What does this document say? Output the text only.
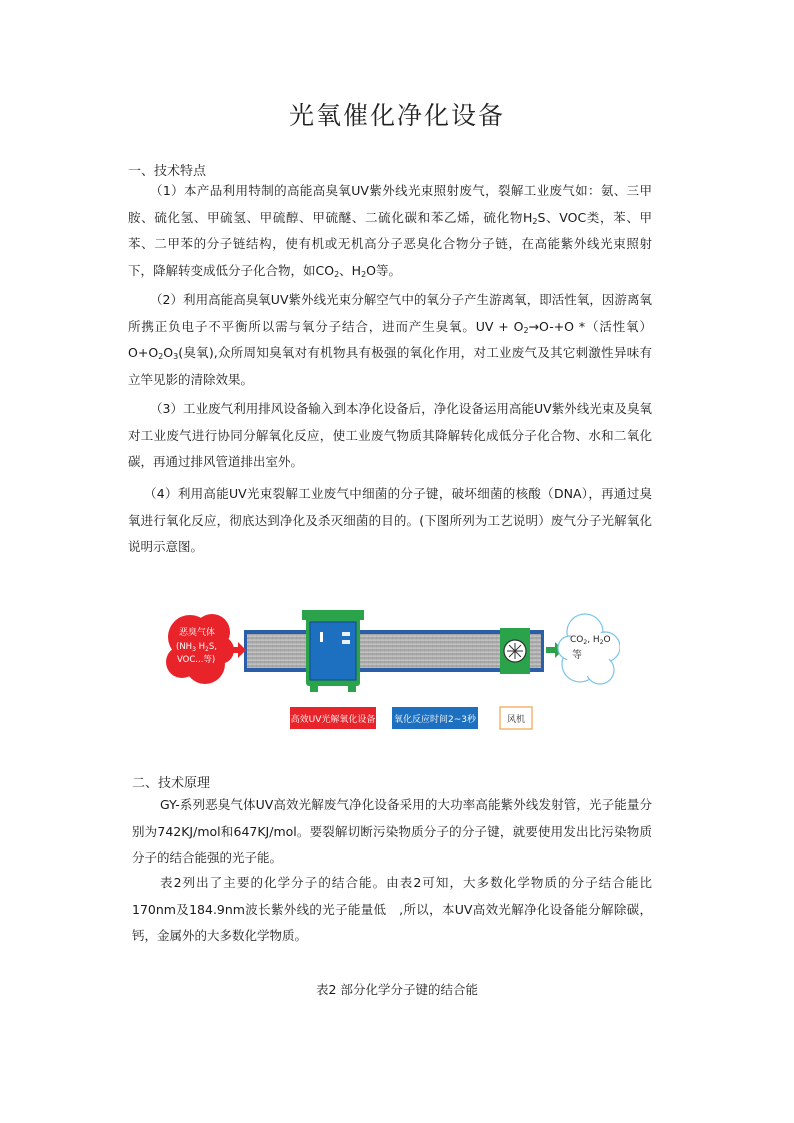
光氧催化净化设备
一、技术特点
（1）本产品利用特制的高能高臭氧UV紫外线光束照射废气，裂解工业废气如：氨、三甲胺、硫化氢、甲硫氢、甲硫醇、甲硫醚、二硫化碳和苯乙烯，硫化物$H_2S$、VOC类，苯、甲苯、二甲苯的分子链结构，使有机或无机高分子恶臭化合物分子链，在高能紫外线光束照射下，降解转变成低分子化合物，如$CO_2$、$H_2O$等。
（2）利用高能高臭氧UV紫外线光束分解空气中的氧分子产生游离氧，即活性氧，因游离氧所携正负电子不平衡所以需与氧分子结合，进而产生臭氧。UV + $O_2\to O-+O$ *（活性氧）$O+O_2O_3$(臭氧),众所周知臭氧对有机物具有极强的氧化作用，对工业废气及其它刺激性异味有立竿见影的清除效果。
（3）工业废气利用排风设备输入到本净化设备后，净化设备运用高能UV紫外线光束及臭氧对工业废气进行协同分解氧化反应，使工业废气物质其降解转化成低分子化合物、水和二氧化碳，再通过排风管道排出室外。
（4）利用高能UV光束裂解工业废气中细菌的分子键，破坏细菌的核酸（DNA），再通过臭氧进行氧化反应，彻底达到净化及杀灭细菌的目的。(下图所列为工艺说明）废气分子光解氧化说明示意图。
恶臭气体
($NH_3$ $H_2S$,
VOC...等)
$CO_2$, $H_2O$
等
高效UV光解氧化设备 氧化反应时间2~3秒	风机
二、技术原理
GY-系列恶臭气体UV高效光解废气净化设备采用的大功率高能紫外线发射管，光子能量分别为742KJ/mol和647KJ/mol。要裂解切断污染物质分子的分子键，就要使用发出比污染物质分子的结合能强的光子能。
表2列出了主要的化学分子的结合能。由表2可知，大多数化学物质的分子结合能比170nm及184.9nm波长紫外线的光子能量低　,所以，本UV高效光解净化设备能分解除碳，钙，金属外的大多数化学物质。
表2 部分化学分子键的结合能
